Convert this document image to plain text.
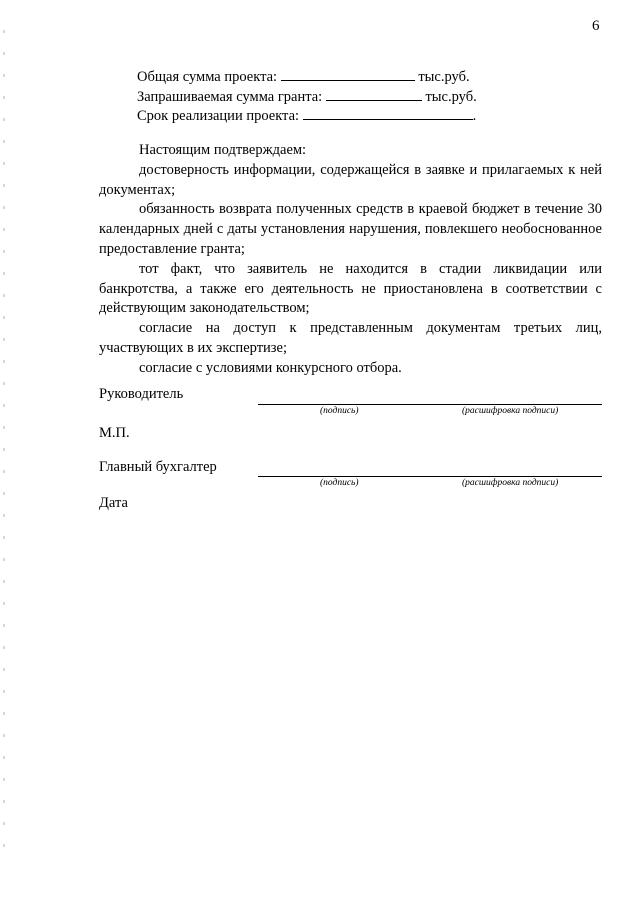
6
Общая сумма проекта:	тыс.руб.
Запрашиваемая сумма гранта:	тыс.руб.
Срок реализации проекта:	.
Настоящим подтверждаем:
достоверность информации, содержащейся в заявке и прилагаемых к ней документах;
обязанность возврата полученных средств в краевой бюджет в течение 30 календарных дней с даты установления нарушения, повлекшего необоснованное предоставление гранта;
тот факт, что заявитель не находится в стадии ликвидации или банкротства, а также его деятельность не приостановлена в соответствии с действующим законодательством;
согласие на доступ к представленным документам третьих лиц, участвующих в их экспертизе;
согласие с условиями конкурсного отбора.
Руководитель
(подпись)	(расшифровка подписи)
М.П.
Главный бухгалтер
(подпись)	(расшифровка подписи)
Дата
